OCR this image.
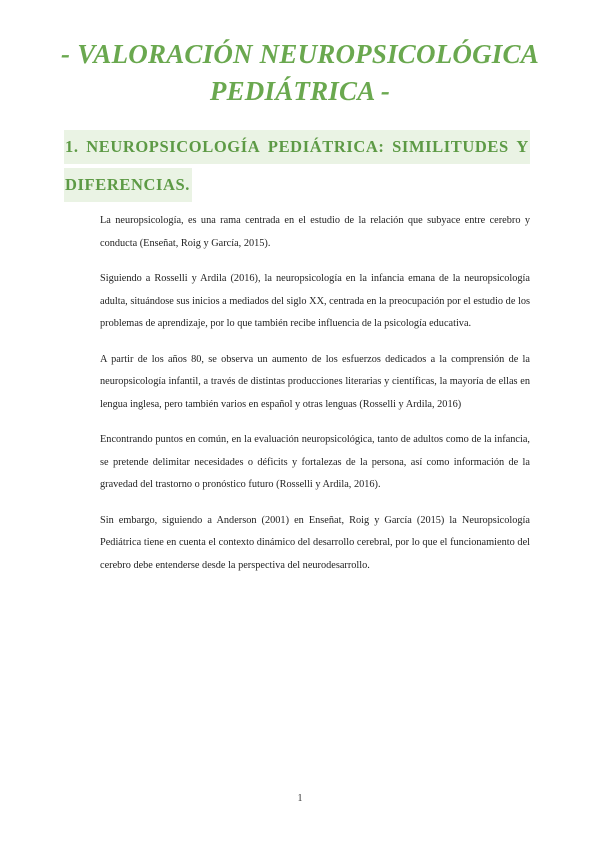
- VALORACIÓN NEUROPSICOLÓGICA
PEDIÁTRICA -
1. NEUROPSICOLOGÍA PEDIÁTRICA: SIMILITUDES Y
DIFERENCIAS.

La neuropsicología, es una rama centrada en el estudio de la relación que subyace entre cerebro y conducta (Enseñat, Roig y García, 2015).

Siguiendo a Rosselli y Ardila (2016), la neuropsicología en la infancia emana de la neuropsicología adulta, situándose sus inicios a mediados del siglo XX, centrada en la preocupación por el estudio de los problemas de aprendizaje, por lo que también recibe influencia de la psicología educativa.

A partir de los años 80, se observa un aumento de los esfuerzos dedicados a la comprensión de la neuropsicología infantil, a través de distintas producciones literarias y científicas, la mayoría de ellas en lengua inglesa, pero también varios en español y otras lenguas (Rosselli y Ardila, 2016)

Encontrando puntos en común, en la evaluación neuropsicológica, tanto de adultos como de la infancia, se pretende delimitar necesidades o déficits y fortalezas de la persona, así como información de la gravedad del trastorno o pronóstico futuro (Rosselli y Ardila, 2016).

Sin embargo, siguiendo a Anderson (2001) en Enseñat, Roig y García (2015) la Neuropsicología Pediátrica tiene en cuenta el contexto dinámico del desarrollo cerebral, por lo que el funcionamiento del cerebro debe entenderse desde la perspectiva del neurodesarrollo.

1
